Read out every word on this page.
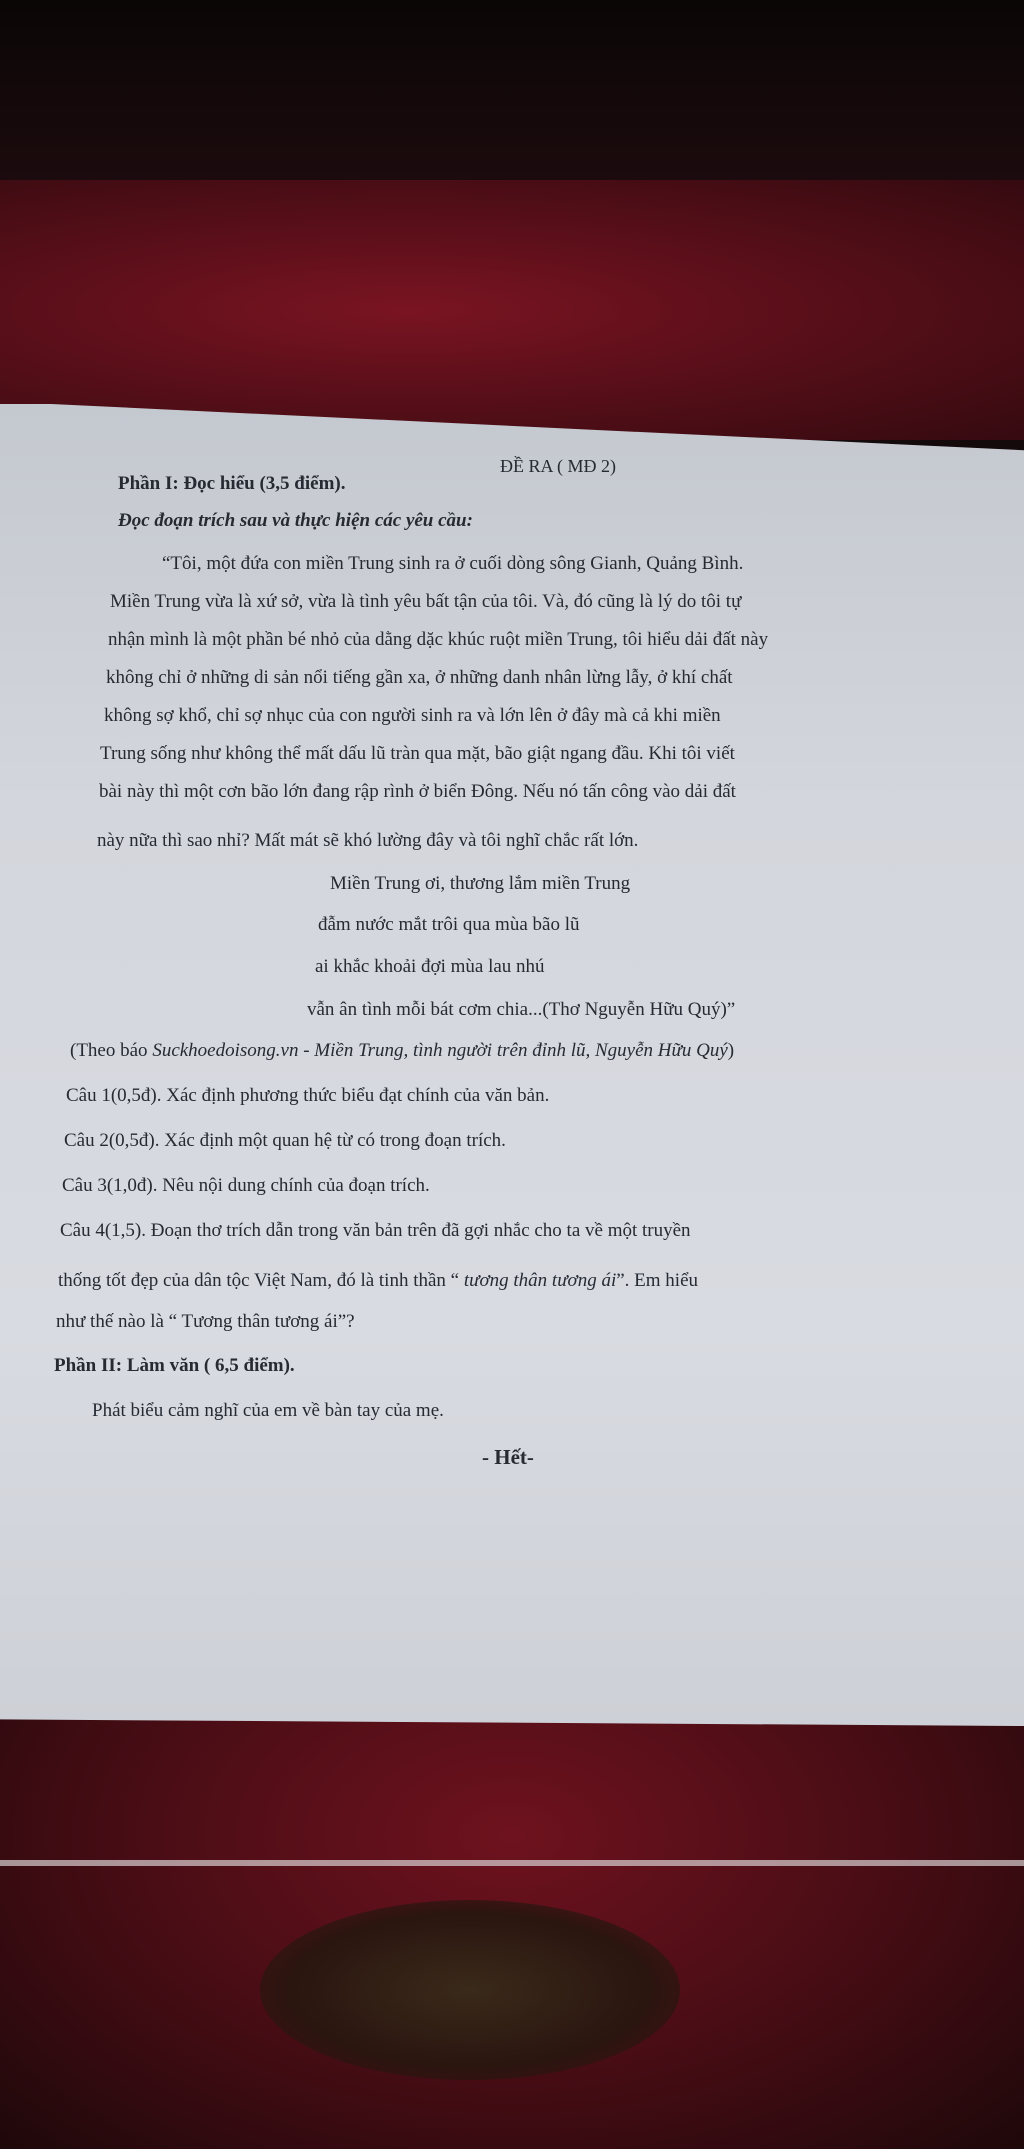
ĐỀ RA ( MĐ 2)
Phần I: Đọc hiểu (3,5 điểm).
Đọc đoạn trích sau và thực hiện các yêu cầu:
“Tôi, một đứa con miền Trung sinh ra ở cuối dòng sông Gianh, Quảng Bình.
Miền Trung vừa là xứ sở, vừa là tình yêu bất tận của tôi. Và, đó cũng là lý do tôi tự
nhận mình là một phần bé nhỏ của dằng dặc khúc ruột miền Trung, tôi hiểu dải đất này
không chỉ ở những di sản nổi tiếng gần xa, ở những danh nhân lừng lẫy, ở khí chất
không sợ khổ, chỉ sợ nhục của con người sinh ra và lớn lên ở đây mà cả khi miền
Trung sống như không thể mất dấu lũ tràn qua mặt, bão giật ngang đầu. Khi tôi viết
bài này thì một cơn bão lớn đang rập rình ở biển Đông. Nếu nó tấn công vào dải đất
này nữa thì sao nhỉ? Mất mát sẽ khó lường đây và tôi nghĩ chắc rất lớn.
Miền Trung ơi, thương lắm miền Trung
đẫm nước mắt trôi qua mùa bão lũ
ai khắc khoải đợi mùa lau nhú
vẫn ân tình mỗi bát cơm chia...(Thơ Nguyễn Hữu Quý)”
(Theo báo Suckhoedoisong.vn - Miền Trung, tình người trên đỉnh lũ, Nguyễn Hữu Quý)
Câu 1(0,5đ). Xác định phương thức biểu đạt chính của văn bản.
Câu 2(0,5đ). Xác định một quan hệ từ có trong đoạn trích.
Câu 3(1,0đ). Nêu nội dung chính của đoạn trích.
Câu 4(1,5). Đoạn thơ trích dẫn trong văn bản trên đã gợi nhắc cho ta về một truyền
thống tốt đẹp của dân tộc Việt Nam, đó là tinh thần “ tương thân tương ái”. Em hiểu
như thế nào là “ Tương thân tương ái”?
Phần II: Làm văn ( 6,5 điểm).
Phát biểu cảm nghĩ của em về bàn tay của mẹ.
- Hết-
